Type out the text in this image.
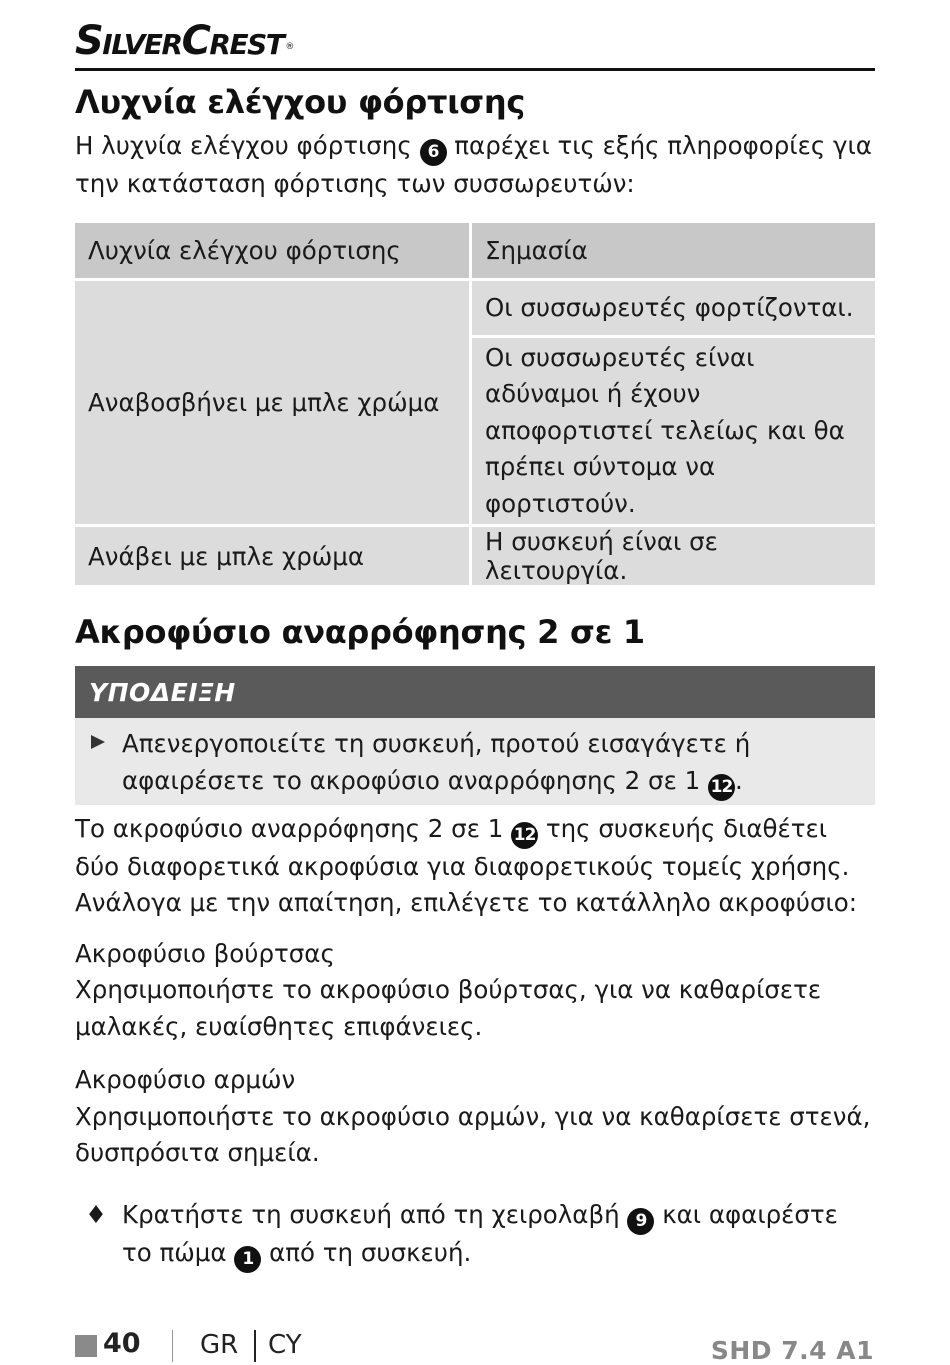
SilverCrest ®
Λυχνία ελέγχου φόρτισης

Η λυχνία ελέγχου φόρτισης 6 παρέχει τις εξής πληροφορίες για την κατάσταση φόρτισης των συσσωρευτών:

Λυχνία ελέγχου φόρτισης	Σημασία
Αναβοσβήνει με μπλε χρώμα	Οι συσσωρευτές φορτίζονται.
	Οι συσσωρευτές είναι αδύναμοι ή έχουν αποφορτιστεί τελείως και θα πρέπει σύντομα να φορτιστούν.
Ανάβει με μπλε χρώμα	Η συσκευή είναι σε λειτουργία.
Ακροφύσιο αναρρόφησης 2 σε 1
ΥΠΟΔΕΙΞΗ
Απενεργοποιείτε τη συσκευή, προτού εισαγάγετε ή αφαιρέσετε το ακροφύσιο αναρρόφησης 2 σε 1 12 .

Το ακροφύσιο αναρρόφησης 2 σε 1 12 της συσκευής διαθέτει δύο διαφορετικά ακροφύσια για διαφορετικούς τομείς χρήσης. Ανάλογα με την απαίτηση, επιλέγετε το κατάλληλο ακροφύσιο:

Ακροφύσιο βούρτσας

Χρησιμοποιήστε το ακροφύσιο βούρτσας, για να καθαρίσετε μαλακές, ευαίσθητες επιφάνειες.

Ακροφύσιο αρμών

Χρησιμοποιήστε το ακροφύσιο αρμών, για να καθαρίσετε στενά, δυσπρόσιτα σημεία.

♦ Κρατήστε τη συσκευή από τη χειρολαβή 9 και αφαιρέστε το πώμα 1 από τη συσκευή.
40 GR CY	SHD 7.4 A1
